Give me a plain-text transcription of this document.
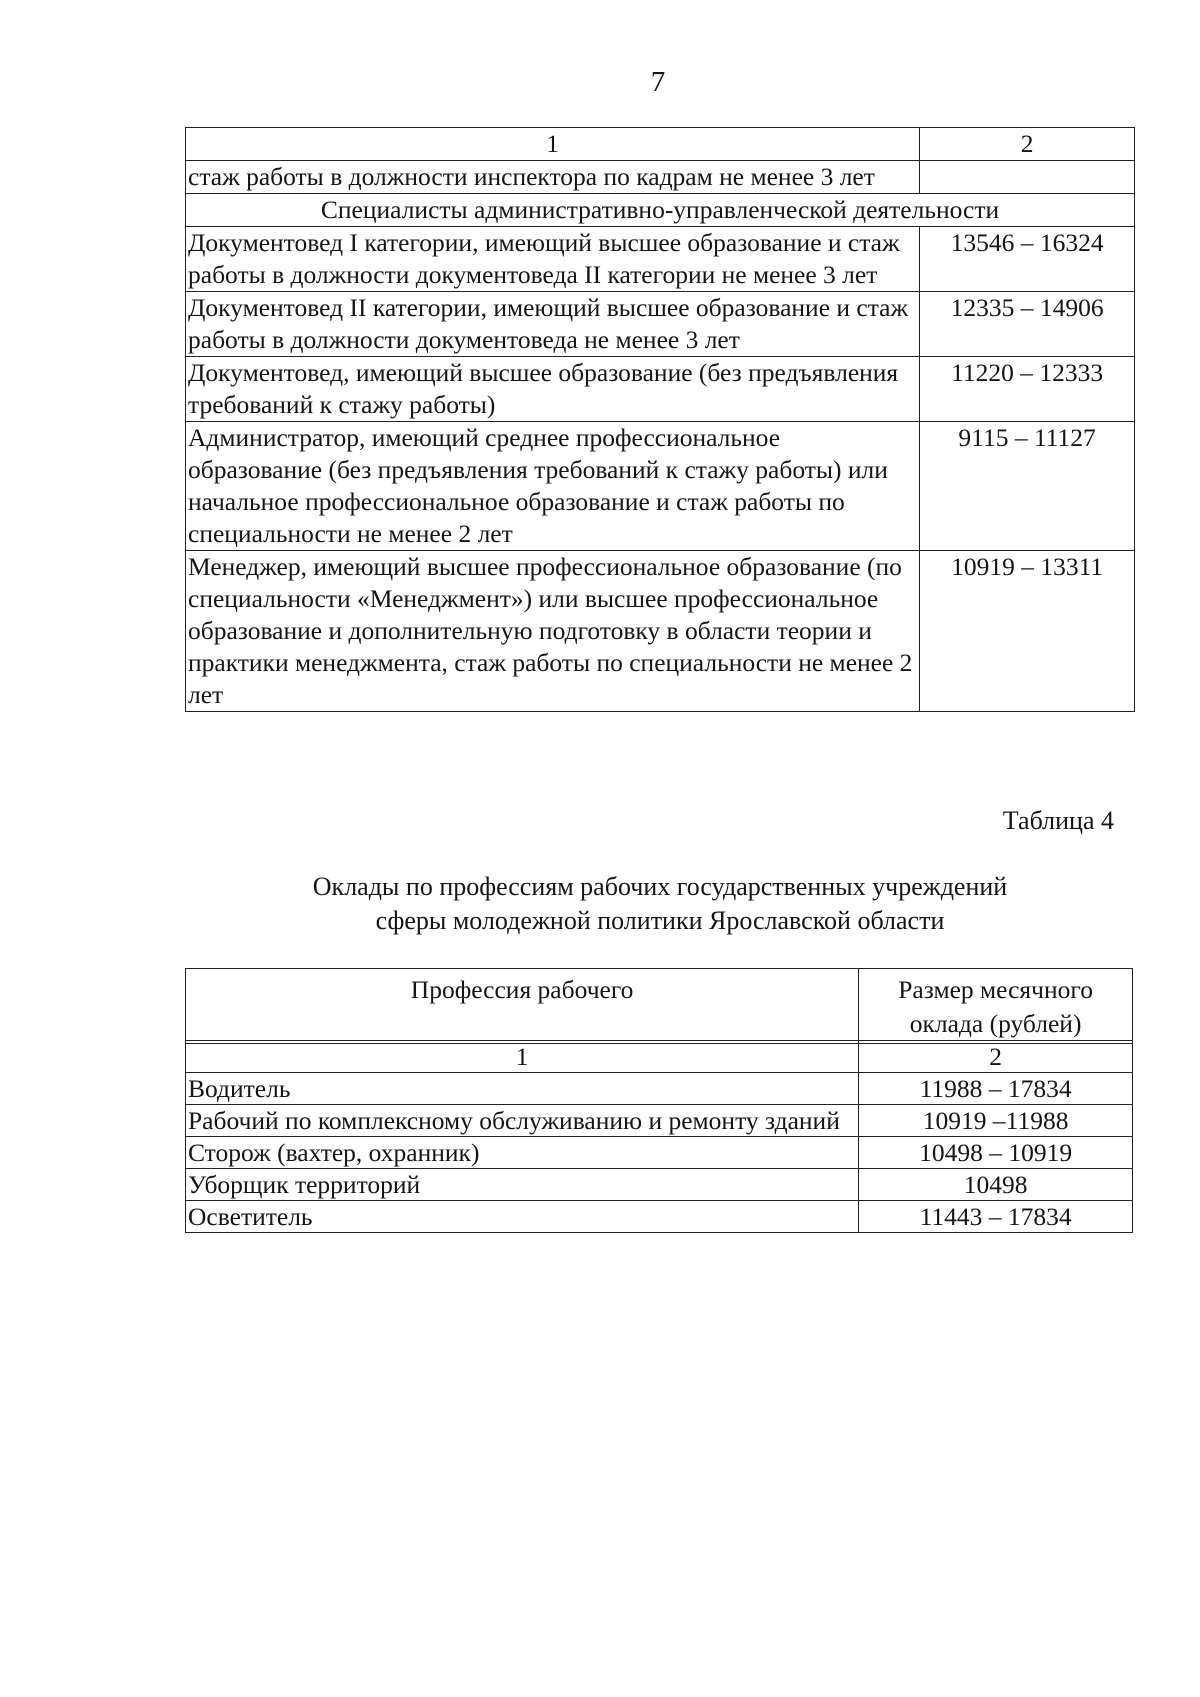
7
1	2
стаж работы в должности инспектора по кадрам не менее 3 лет	
Специалисты административно-управленческой деятельности	
Документовед I категории, имеющий высшее образование и стаж работы в должности документоведа II категории не менее 3 лет	13546 – 16324
Документовед II категории, имеющий высшее образование и стаж работы в должности документоведа не менее 3 лет	12335 – 14906
Документовед, имеющий высшее образование (без предъявления требований к стажу работы)	11220 – 12333
Администратор, имеющий среднее профессиональное образование (без предъявления требований к стажу работы) или начальное профессиональное образование и стаж работы по специальности не менее 2 лет	9115 – 11127
Менеджер, имеющий высшее профессиональное образование (по специальности «Менеджмент») или высшее профессиональное образование и дополнительную подготовку в области теории и практики менеджмента, стаж работы по специальности не менее 2 лет	10919 – 13311
Таблица 4
Оклады по профессиям рабочих государственных учреждений
сферы молодежной политики Ярославской области
Профессия рабочего	Размер месячного оклада (рублей)
1	2
Водитель	11988 – 17834
Рабочий по комплексному обслуживанию и ремонту зданий	10919 –11988
Сторож (вахтер, охранник)	10498 – 10919
Уборщик территорий	10498
Осветитель	11443 – 17834
